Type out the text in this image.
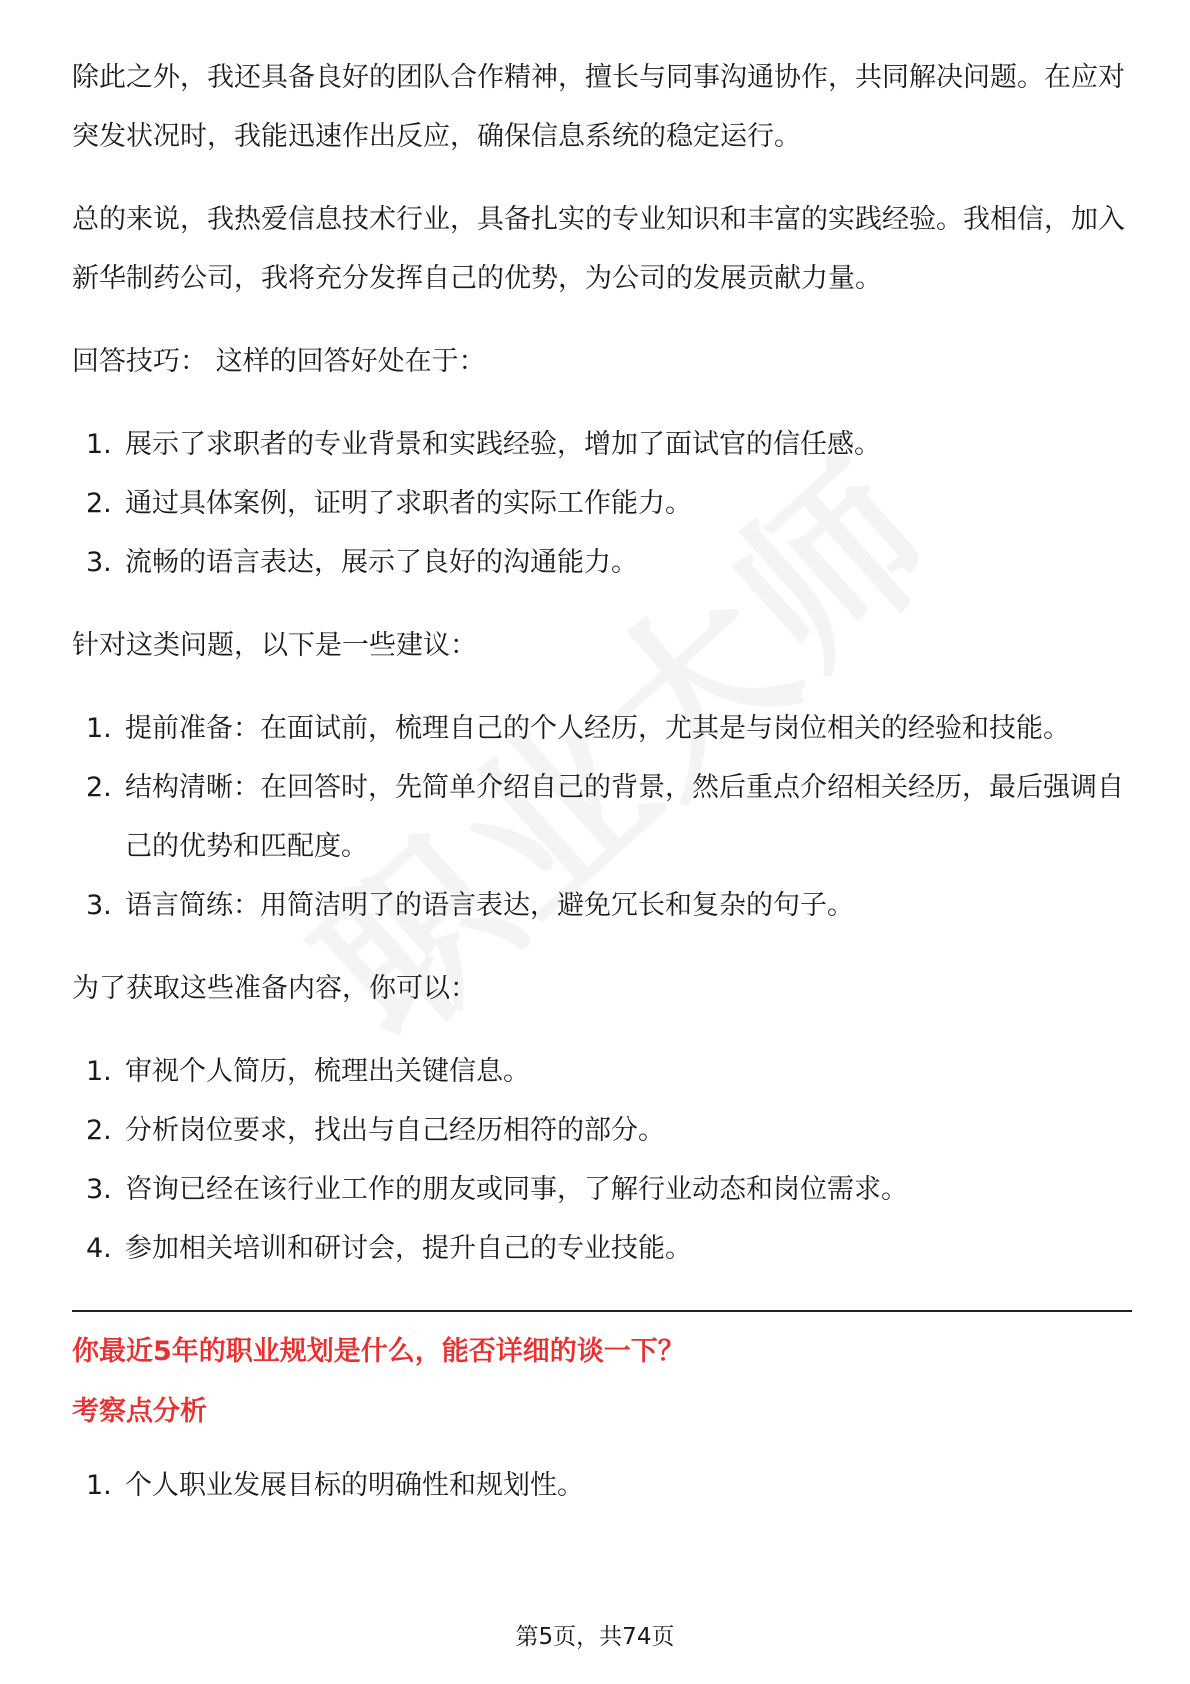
除此之外，我还具备良好的团队合作精神，擅长与同事沟通协作，共同解决问题。在应对突发状况时，我能迅速作出反应，确保信息系统的稳定运行。

总的来说，我热爱信息技术行业，具备扎实的专业知识和丰富的实践经验。我相信，加入新华制药公司，我将充分发挥自己的优势，为公司的发展贡献力量。

回答技巧： 这样的回答好处在于：

1. 展示了求职者的专业背景和实践经验，增加了面试官的信任感。
2. 通过具体案例，证明了求职者的实际工作能力。
3. 流畅的语言表达，展示了良好的沟通能力。

针对这类问题，以下是一些建议：

1. 提前准备：在面试前，梳理自己的个人经历，尤其是与岗位相关的经验和技能。
2. 结构清晰：在回答时，先简单介绍自己的背景，然后重点介绍相关经历，最后强调自己的优势和匹配度。
3. 语言简练：用简洁明了的语言表达，避免冗长和复杂的句子。

为了获取这些准备内容，你可以：

1. 审视个人简历，梳理出关键信息。
2. 分析岗位要求，找出与自己经历相符的部分。
3. 咨询已经在该行业工作的朋友或同事，了解行业动态和岗位需求。
4. 参加相关培训和研讨会，提升自己的专业技能。
你最近5年的职业规划是什么，能否详细的谈一下？
考察点分析
1. 个人职业发展目标的明确性和规划性。
第5页，共74页
